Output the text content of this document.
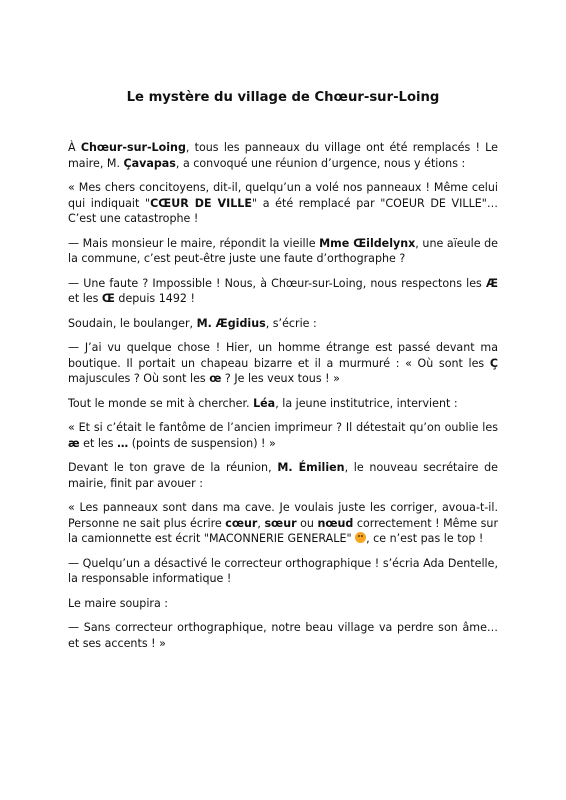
Le mystère du village de Chœur-sur-Loing

À Chœur-sur-Loing, tous les panneaux du village ont été remplacés ! Le maire, M. Çavapas, a convoqué une réunion d’urgence, nous y étions :

« Mes chers concitoyens, dit-il, quelqu’un a volé nos panneaux ! Même celui qui indiquait "CŒUR DE VILLE" a été remplacé par "COEUR DE VILLE"… C’est une catastrophe !

— Mais monsieur le maire, répondit la vieille Mme Œildelynx, une aïeule de la commune, c’est peut-être juste une faute d’orthographe ?

— Une faute ? Impossible ! Nous, à Chœur-sur-Loing, nous respectons les Æ et les Œ depuis 1492 !

Soudain, le boulanger, M. Ægidius, s’écrie :

— J’ai vu quelque chose ! Hier, un homme étrange est passé devant ma boutique. Il portait un chapeau bizarre et il a murmuré : « Où sont les Ç majuscules ? Où sont les œ ? Je les veux tous ! »

Tout le monde se mit à chercher. Léa, la jeune institutrice, intervient :

« Et si c’était le fantôme de l’ancien imprimeur ? Il détestait qu’on oublie les æ et les … (points de suspension) ! »

Devant le ton grave de la réunion, M. Émilien, le nouveau secrétaire de mairie, finit par avouer :

« Les panneaux sont dans ma cave. Je voulais juste les corriger, avoua-t-il. Personne ne sait plus écrire cœur, sœur ou nœud correctement ! Même sur la camionnette est écrit "MACONNERIE GENERALE" , ce n’est pas le top !

— Quelqu’un a désactivé le correcteur orthographique ! s’écria Ada Dentelle, la responsable informatique !

Le maire soupira :

— Sans correcteur orthographique, notre beau village va perdre son âme… et ses accents ! »
